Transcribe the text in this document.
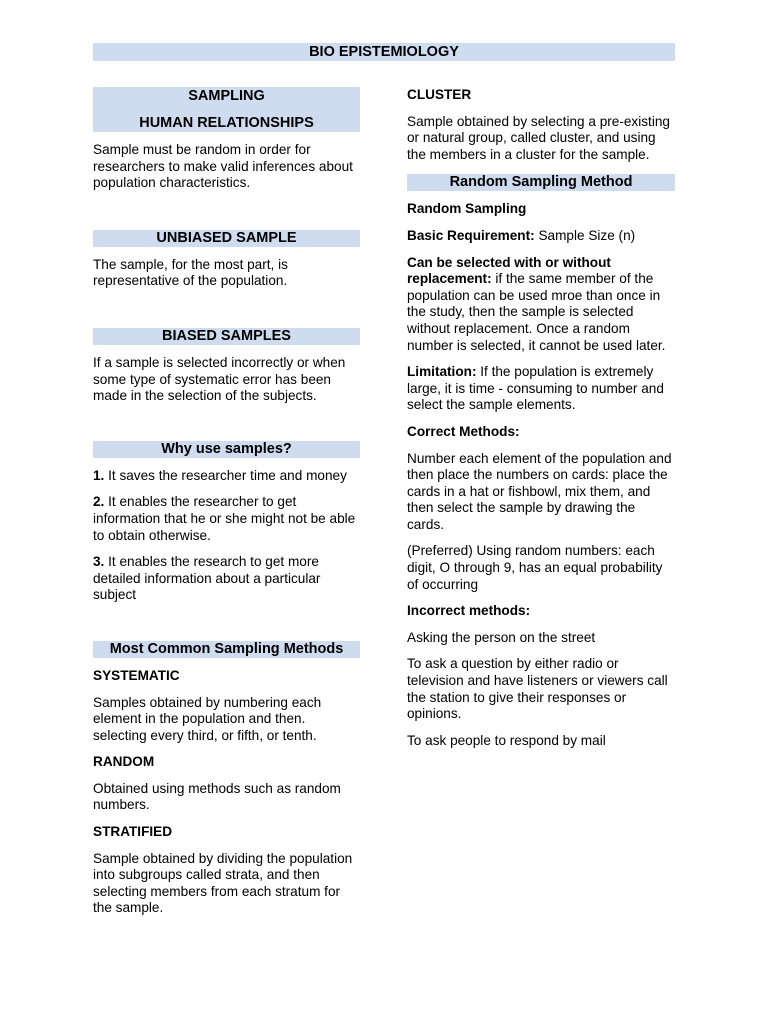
BIO EPISTEMIOLOGY
SAMPLING
HUMAN RELATIONSHIPS

Sample must be random in order for researchers to make valid inferences about population characteristics.

UNBIASED SAMPLE

The sample, for the most part, is representative of the population.

BIASED SAMPLES

If a sample is selected incorrectly or when some type of systematic error has been made in the selection of the subjects.

Why use samples?

1. It saves the researcher time and money

2. It enables the researcher to get information that he or she might not be able to obtain otherwise.

3. It enables the research to get more detailed information about a particular subject

Most Common Sampling Methods

SYSTEMATIC

Samples obtained by numbering each element in the population and then. selecting every third, or fifth, or tenth.

RANDOM

Obtained using methods such as random numbers.

STRATIFIED

Sample obtained by dividing the population into subgroups called strata, and then selecting members from each stratum for the sample.

CLUSTER

Sample obtained by selecting a pre-existing or natural group, called cluster, and using the members in a cluster for the sample.

Random Sampling Method

Random Sampling

Basic Requirement: Sample Size (n)

Can be selected with or without replacement: if the same member of the population can be used mroe than once in the study, then the sample is selected without replacement. Once a random number is selected, it cannot be used later.

Limitation: If the population is extremely large, it is time - consuming to number and select the sample elements.

Correct Methods:

Number each element of the population and then place the numbers on cards: place the cards in a hat or fishbowl, mix them, and then select the sample by drawing the cards.

(Preferred) Using random numbers: each digit, O through 9, has an equal probability of occurring

Incorrect methods:

Asking the person on the street

To ask a question by either radio or television and have listeners or viewers call the station to give their responses or opinions.

To ask people to respond by mail
